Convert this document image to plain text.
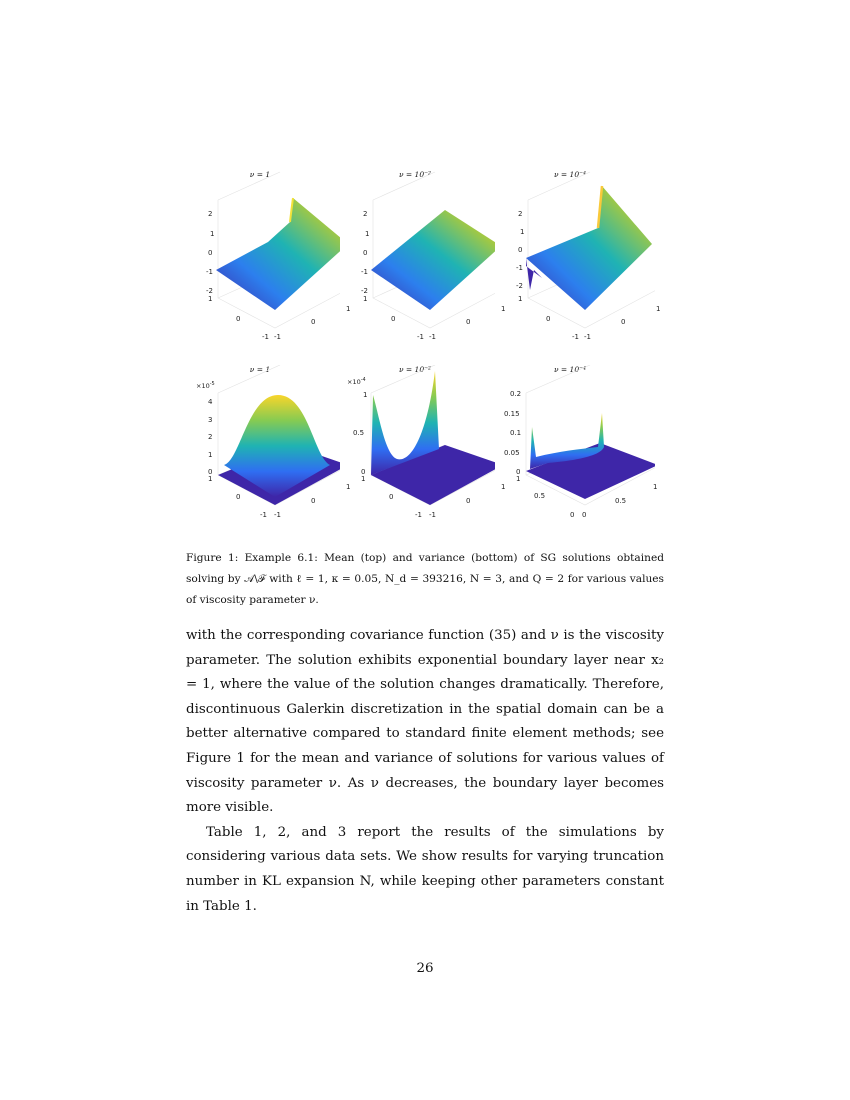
ν = 1
2
1
0
-1
-2
1
0
-1 -1
0
1
ν = 10⁻²
2
1
0
-1
-2
1
0
-1 -1
0
1
ν = 10⁻⁴
2
1
0
-1
-2
1
0
-1 -1
0
1
ν = 1
$\times 10^{-5}$
4
3
2
1
0
1
0
-1 -1
0
1
ν = 10⁻²
$\times 10^{-4}$
1
0.5
0
1
0
-1 -1
0
1
ν = 10⁻⁴
0.2
0.15
0.1
0.05
0
1
0.5
0 0
0.5
1
Figure 1: Example 6.1: Mean (top) and variance (bottom) of SG solutions obtained solving by 𝒜\ℱ with ℓ = 1, κ = 0.05, N_d = 393216, N = 3, and Q = 2 for various values of viscosity parameter ν.

with the corresponding covariance function (35) and ν is the viscosity parameter. The solution exhibits exponential boundary layer near x₂ = 1, where the value of the solution changes dramatically. Therefore, discontinuous Galerkin discretization in the spatial domain can be a better alternative compared to standard finite element methods; see Figure 1 for the mean and variance of solutions for various values of viscosity parameter ν. As ν decreases, the boundary layer becomes more visible.

Table 1, 2, and 3 report the results of the simulations by considering various data sets. We show results for varying truncation number in KL expansion N, while keeping other parameters constant in Table 1.

26
